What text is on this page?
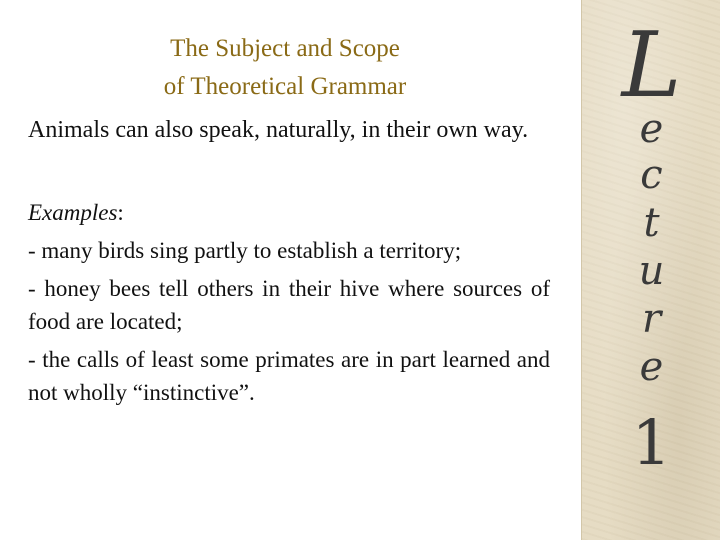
The Subject and Scope
of Theoretical Grammar

Animals can also speak, naturally, in their own way.

Examples:

- many birds sing partly to establish a territory;

- honey bees tell others in their hive where sources of food are located;

- the calls of least some primates are in part learned and not wholly “instinctive”.

L
e
c
t
u
r
e
1
